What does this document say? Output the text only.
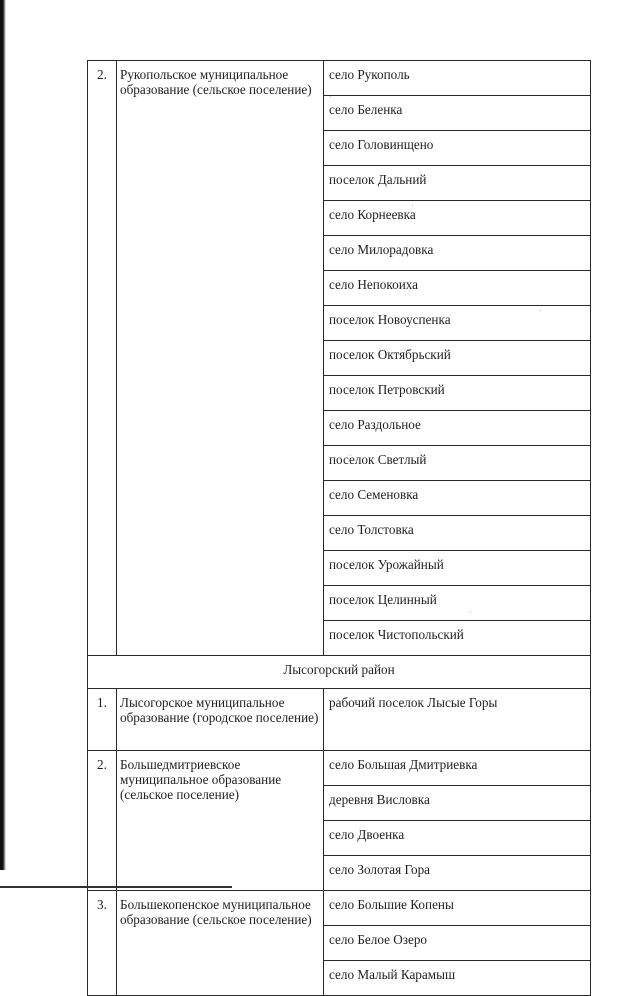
2.	Рукопольское муниципальное образование (сельское поселение)	село Рукополь
		село Беленка
		село Головинщено
		поселок Дальний
		село Корнеевка
		село Милорадовка
		село Непокоиха
		поселок Новоуспенка
		поселок Октябрьский
		поселок Петровский
		село Раздольное
		поселок Светлый
		село Семеновка
		село Толстовка
		поселок Урожайный
		поселок Целинный
		поселок Чистопольский
Лысогорский район		
1.	Лысогорское муниципальное образование (городское поселение)	рабочий поселок Лысые Горы
2.	Большедмитриевское муниципальное образование (сельское поселение)	село Большая Дмитриевка
		деревня Висловка
		село Двоенка
		село Золотая Гора
3.	Большекопенское муниципальное образование (сельское поселение)	село Большие Копены
		село Белое Озеро
		село Малый Карамыш
